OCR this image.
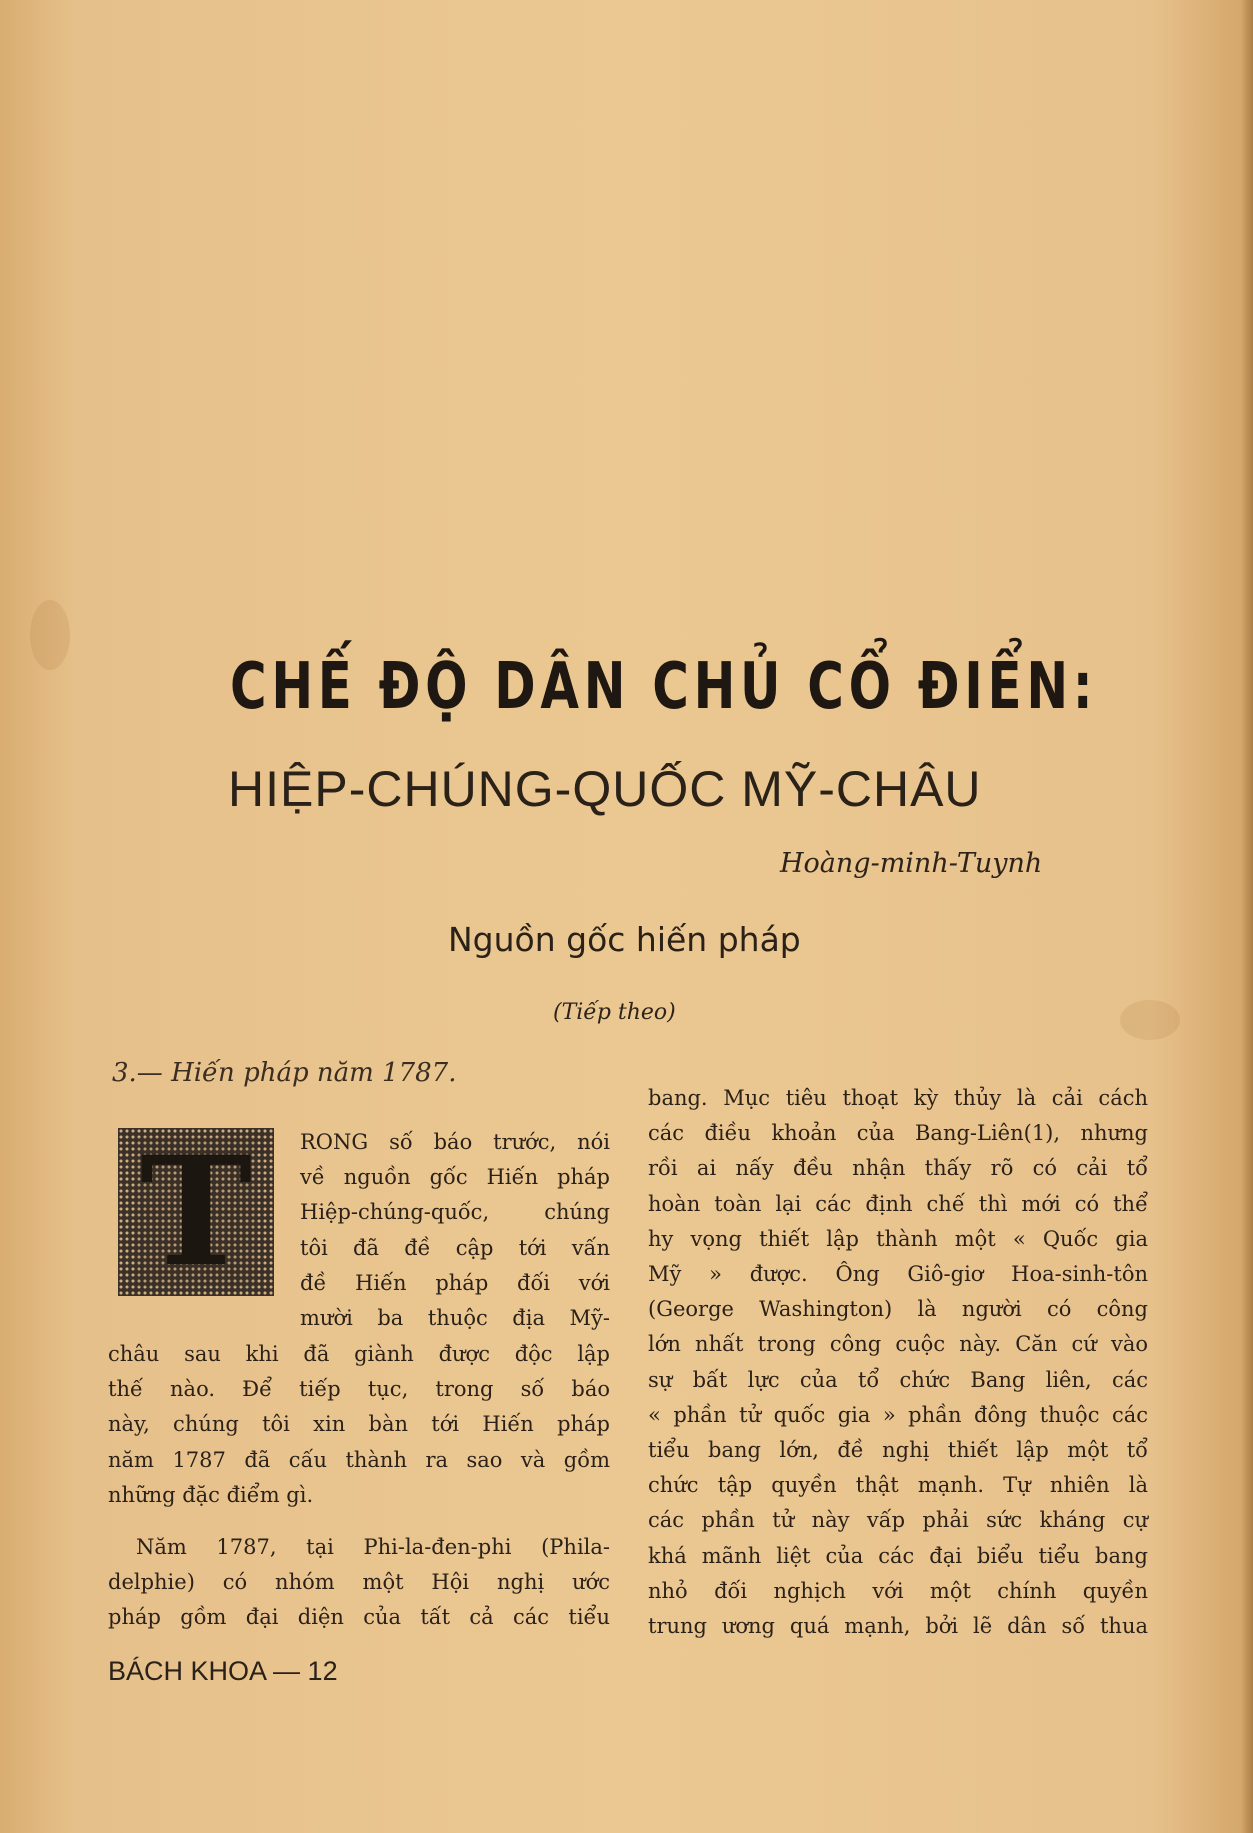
CHẾ ĐỘ DÂN CHỦ CỔ ĐIỂN:
HIỆP-CHÚNG-QUỐC MỸ-CHÂU
Hoàng-minh-Tuynh
Nguồn gốc hiến pháp
(Tiếp theo)
3.— Hiến pháp năm 1787.
T RONG số báo trước, nói
về nguồn gốc Hiến pháp
Hiệp-chúng-quốc, chúng
tôi đã đề cập tới vấn
đề Hiến pháp đối với
mười ba thuộc địa Mỹ-
châu sau khi đã giành được độc lập
thế nào. Để tiếp tục, trong số báo
này, chúng tôi xin bàn tới Hiến pháp
năm 1787 đã cấu thành ra sao và gồm
những đặc điểm gì.
Năm 1787, tại Phi-la-đen-phi (Phila-
delphie) có nhóm một Hội nghị ước
pháp gồm đại diện của tất cả các tiểu
bang. Mục tiêu thoạt kỳ thủy là cải cách
các điều khoản của Bang-Liên(1), nhưng
rồi ai nấy đều nhận thấy rõ có cải tổ
hoàn toàn lại các định chế thì mới có thể
hy vọng thiết lập thành một « Quốc gia
Mỹ » được. Ông Giô-giơ Hoa-sinh-tôn
(George Washington) là người có công
lớn nhất trong công cuộc này. Căn cứ vào
sự bất lực của tổ chức Bang liên, các
« phần tử quốc gia » phần đông thuộc các
tiểu bang lớn, đề nghị thiết lập một tổ
chức tập quyền thật mạnh. Tự nhiên là
các phần tử này vấp phải sức kháng cự
khá mãnh liệt của các đại biểu tiểu bang
nhỏ đối nghịch với một chính quyền
trung ương quá mạnh, bởi lẽ dân số thua
BÁCH KHOA — 12
